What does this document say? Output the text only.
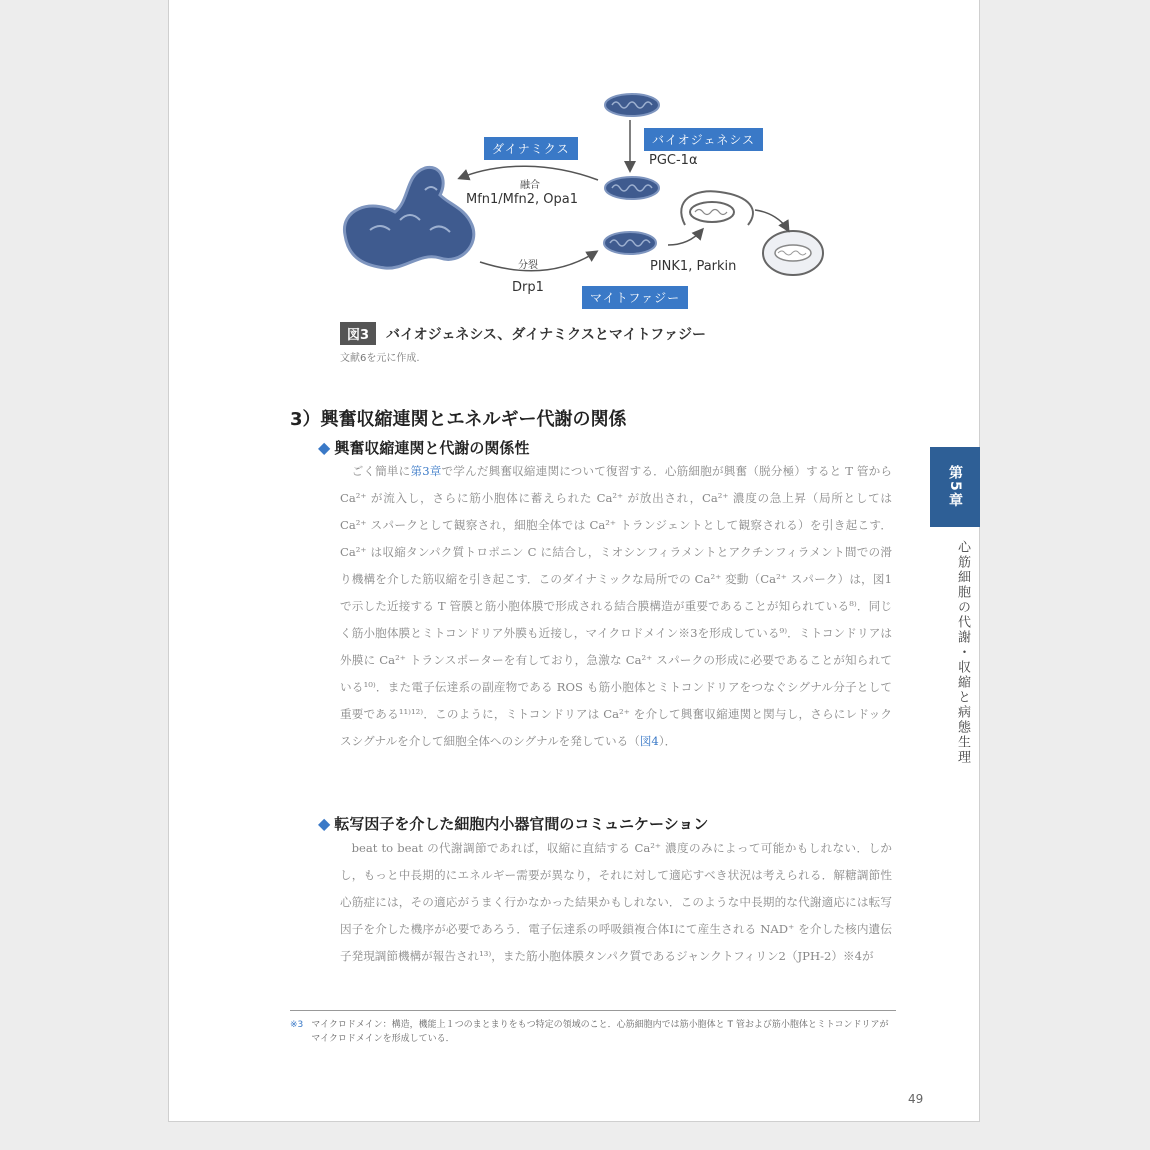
ダイナミクス
バイオジェネシス
マイトファジー
融合
Mfn1/Mfn2, Opa1
分裂
Drp1
PGC-1α
PINK1, Parkin
図3	バイオジェネシス、ダイナミクスとマイトファジー
文献6を元に作成.
3）興奮収縮連関とエネルギー代謝の関係
◆ 興奮収縮連関と代謝の関係性
ごく簡単に第3章で学んだ興奮収縮連関について復習する．心筋細胞が興奮（脱分極）すると T 管から Ca²⁺ が流入し，さらに筋小胞体に蓄えられた Ca²⁺ が放出され，Ca²⁺ 濃度の急上昇（局所としては Ca²⁺ スパークとして観察され，細胞全体では Ca²⁺ トランジェントとして観察される）を引き起こす．Ca²⁺ は収縮タンパク質トロポニン C に結合し，ミオシンフィラメントとアクチンフィラメント間での滑り機構を介した筋収縮を引き起こす．このダイナミックな局所での Ca²⁺ 変動（Ca²⁺ スパーク）は，図1で示した近接する T 管膜と筋小胞体膜で形成される結合膜構造が重要であることが知られている⁸⁾．同じく筋小胞体膜とミトコンドリア外膜も近接し，マイクロドメイン※3を形成している⁹⁾．ミトコンドリアは外膜に Ca²⁺ トランスポーターを有しており，急激な Ca²⁺ スパークの形成に必要であることが知られている¹⁰⁾．また電子伝達系の副産物である ROS も筋小胞体とミトコンドリアをつなぐシグナル分子として重要である¹¹⁾¹²⁾．このように，ミトコンドリアは Ca²⁺ を介して興奮収縮連関と関与し，さらにレドックスシグナルを介して細胞全体へのシグナルを発している（図4）．
◆ 転写因子を介した細胞内小器官間のコミュニケーション
beat to beat の代謝調節であれば，収縮に直結する Ca²⁺ 濃度のみによって可能かもしれない．しかし，もっと中長期的にエネルギー需要が異なり，それに対して適応すべき状況は考えられる．解糖調節性心筋症には，その適応がうまく行かなかった結果かもしれない．このような中長期的な代謝適応には転写因子を介した機序が必要であろう．電子伝達系の呼吸鎖複合体Ⅰにて産生される NAD⁺ を介した核内遺伝子発現調節機構が報告され¹³⁾，また筋小胞体膜タンパク質であるジャンクトフィリン2（JPH-2）※4が
第5章
心筋細胞の代謝・収縮と病態生理
※3 マイクロドメイン：構造，機能上１つのまとまりをもつ特定の領域のこと．心筋細胞内では筋小胞体と T 管および筋小胞体とミトコンドリアがマイクロドメインを形成している．
49
